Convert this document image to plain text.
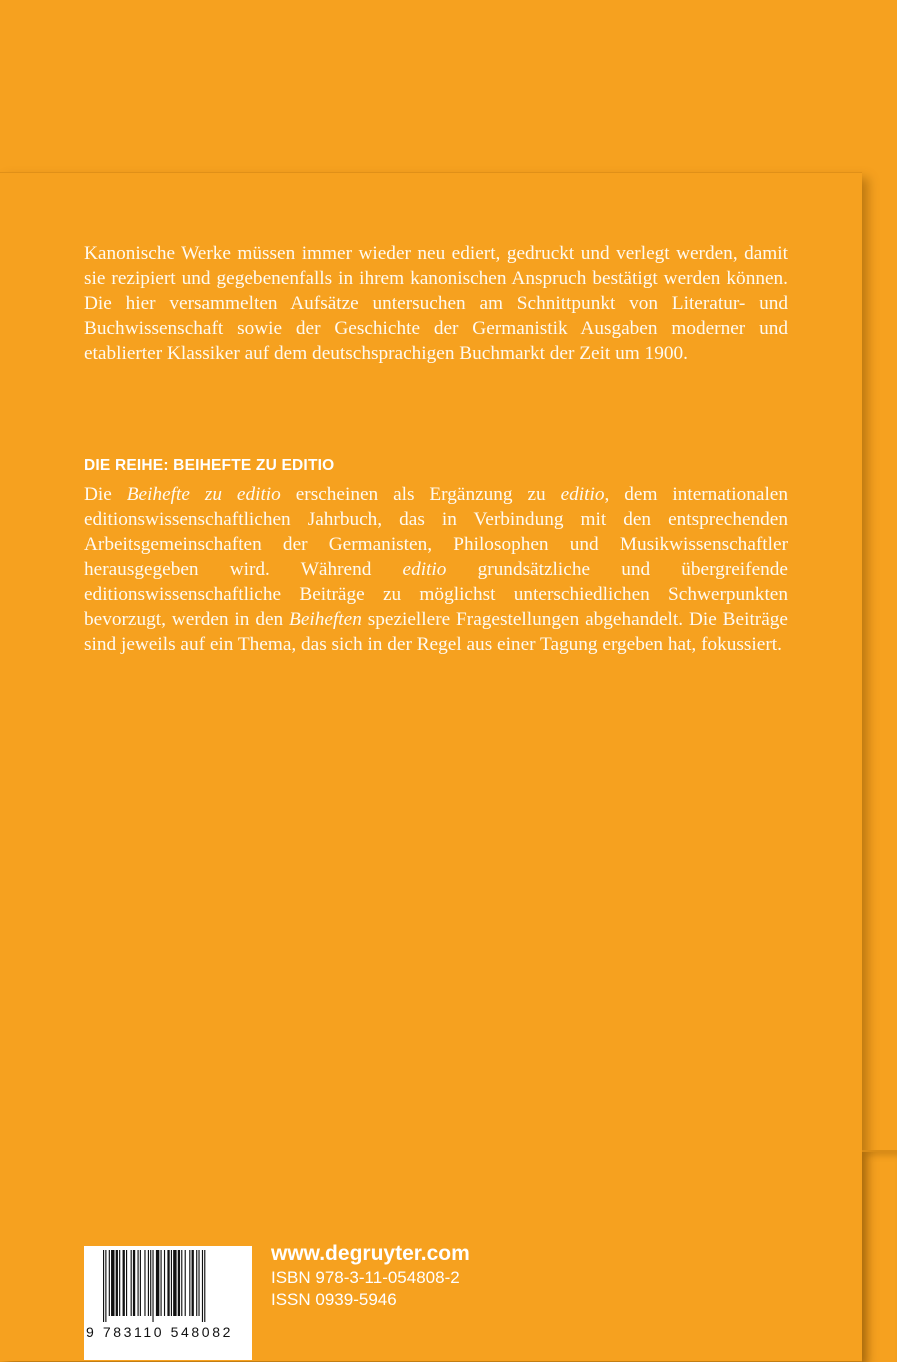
Kanonische Werke müssen immer wieder neu ediert, gedruckt und verlegt werden, damit sie rezipiert und gegebenenfalls in ihrem kanonischen Anspruch bestätigt werden können. Die hier versammelten Aufsätze untersuchen am Schnittpunkt von Literatur- und Buchwissenschaft sowie der Geschichte der Germanistik Ausgaben moderner und etablierter Klassiker auf dem deutschsprachigen Buchmarkt der Zeit um 1900.
DIE REIHE: BEIHEFTE ZU EDITIO
Die Beihefte zu editio erscheinen als Ergänzung zu editio, dem internationalen editionswissenschaftlichen Jahrbuch, das in Verbindung mit den entsprechenden Arbeitsgemeinschaften der Germanisten, Philosophen und Musikwissenschaftler herausgegeben wird. Während editio grundsätzliche und übergreifende editionswissenschaftliche Beiträge zu möglichst unterschiedlichen Schwerpunkten bevorzugt, werden in den Beiheften speziellere Fragestellungen abgehandelt. Die Beiträge sind jeweils auf ein Thema, das sich in der Regel aus einer Tagung ergeben hat, fokussiert.
9 783110 548082
www.degruyter.com
ISBN 978-3-11-054808-2
ISSN 0939-5946
